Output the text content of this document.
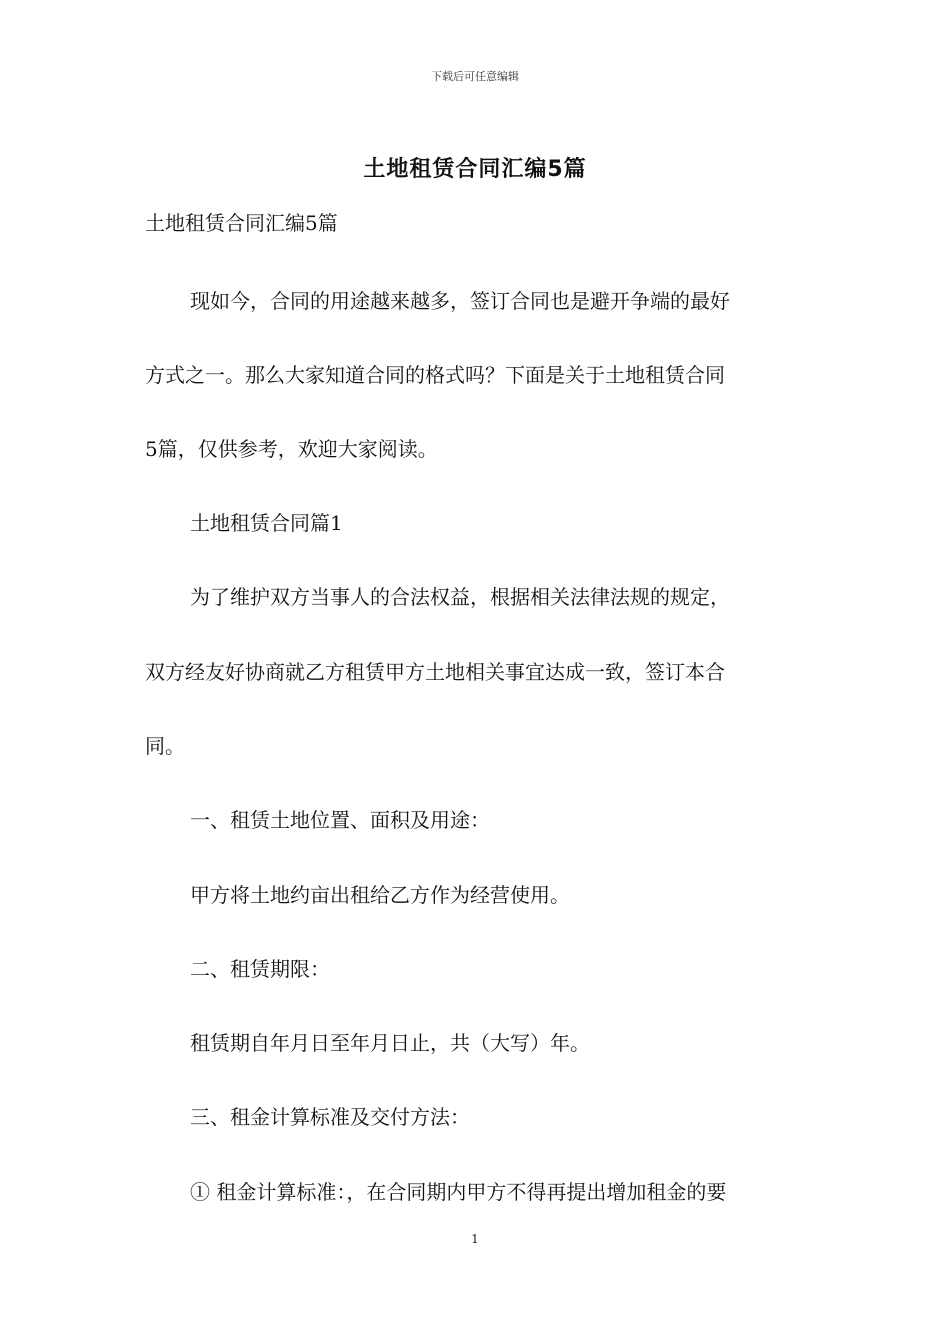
下载后可任意编辑
土地租赁合同汇编5篇
土地租赁合同汇编5篇
现如今，合同的用途越来越多，签订合同也是避开争端的最好
方式之一。那么大家知道合同的格式吗？下面是关于土地租赁合同
5篇，仅供参考，欢迎大家阅读。
土地租赁合同篇1
为了维护双方当事人的合法权益，根据相关法律法规的规定，
双方经友好协商就乙方租赁甲方土地相关事宜达成一致，签订本合
同。
一、租赁土地位置、面积及用途：
甲方将土地约亩出租给乙方作为经营使用。
二、租赁期限：
租赁期自年月日至年月日止，共（大写）年。
三、租金计算标准及交付方法：
① 租金计算标准：，在合同期内甲方不得再提出增加租金的要
1
